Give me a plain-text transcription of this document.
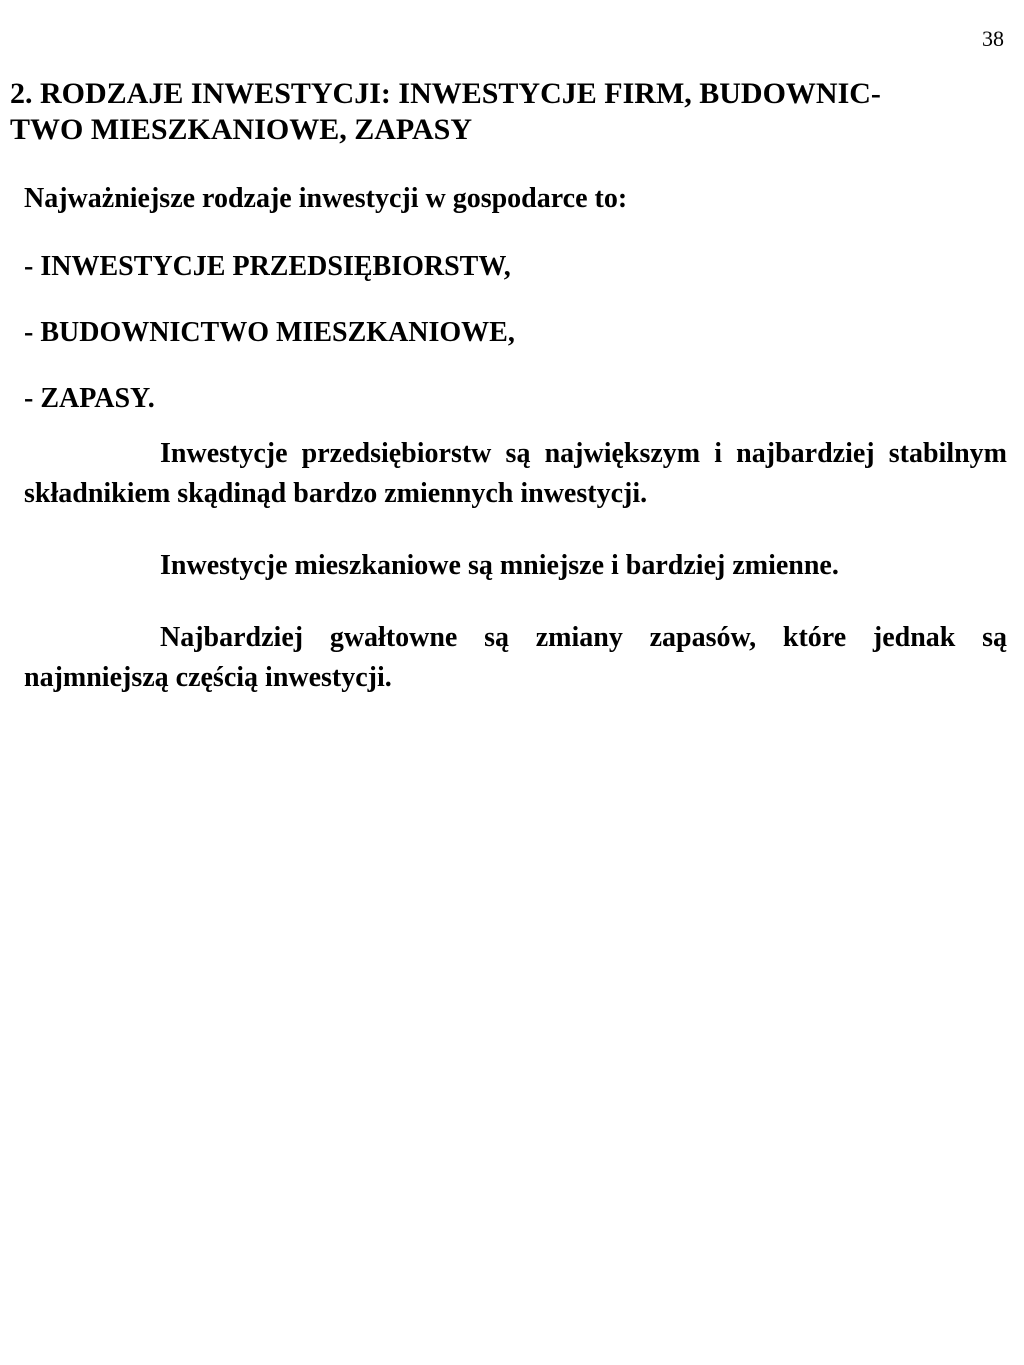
38
2. RODZAJE INWESTYCJI: INWESTYCJE FIRM, BUDOWNIC-
TWO MIESZKANIOWE, ZAPASY

Najważniejsze rodzaje inwestycji w gospodarce to:

- INWESTYCJE PRZEDSIĘBIORSTW,
- BUDOWNICTWO MIESZKANIOWE,
- ZAPASY.

Inwestycje przedsiębiorstw są największym i najbardziej stabilnym składnikiem skądinąd bardzo zmiennych inwestycji.

Inwestycje mieszkaniowe są mniejsze i bardziej zmienne.

Najbardziej gwałtowne są zmiany zapasów, które jednak są najmniejszą częścią inwestycji.
